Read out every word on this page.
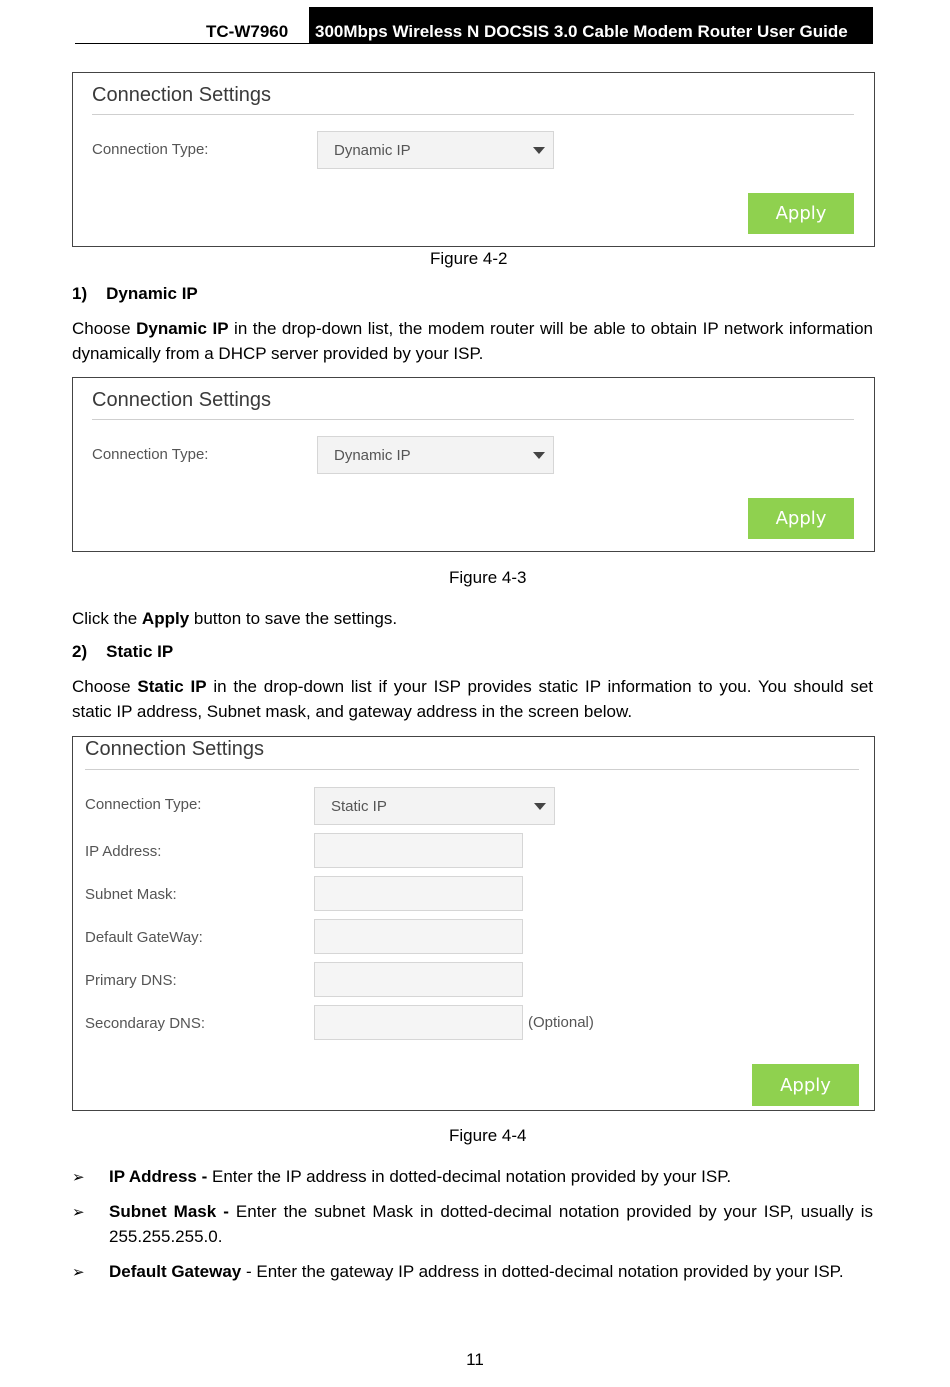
TC-W7960	300Mbps Wireless N DOCSIS 3.0 Cable Modem Router User Guide
Connection Settings
Connection Type:	Dynamic IP
Apply
Figure 4-2
1) Dynamic IP
Choose Dynamic IP in the drop-down list, the modem router will be able to obtain IP network information dynamically from a DHCP server provided by your ISP.
Connection Settings
Connection Type:	Dynamic IP
Apply
Figure 4-3
Click the Apply button to save the settings.
2) Static IP
Choose Static IP in the drop-down list if your ISP provides static IP information to you. You should set static IP address, Subnet mask, and gateway address in the screen below.
Connection Settings
Connection Type:	Static IP
IP Address:
Subnet Mask:
Default GateWay:
Primary DNS:
Secondaray DNS:	(Optional)
Apply
Figure 4-4
➢ IP Address - Enter the IP address in dotted-decimal notation provided by your ISP.
➢ Subnet Mask - Enter the subnet Mask in dotted-decimal notation provided by your ISP, usually is 255.255.255.0.
➢ Default Gateway - Enter the gateway IP address in dotted-decimal notation provided by your ISP.
11
